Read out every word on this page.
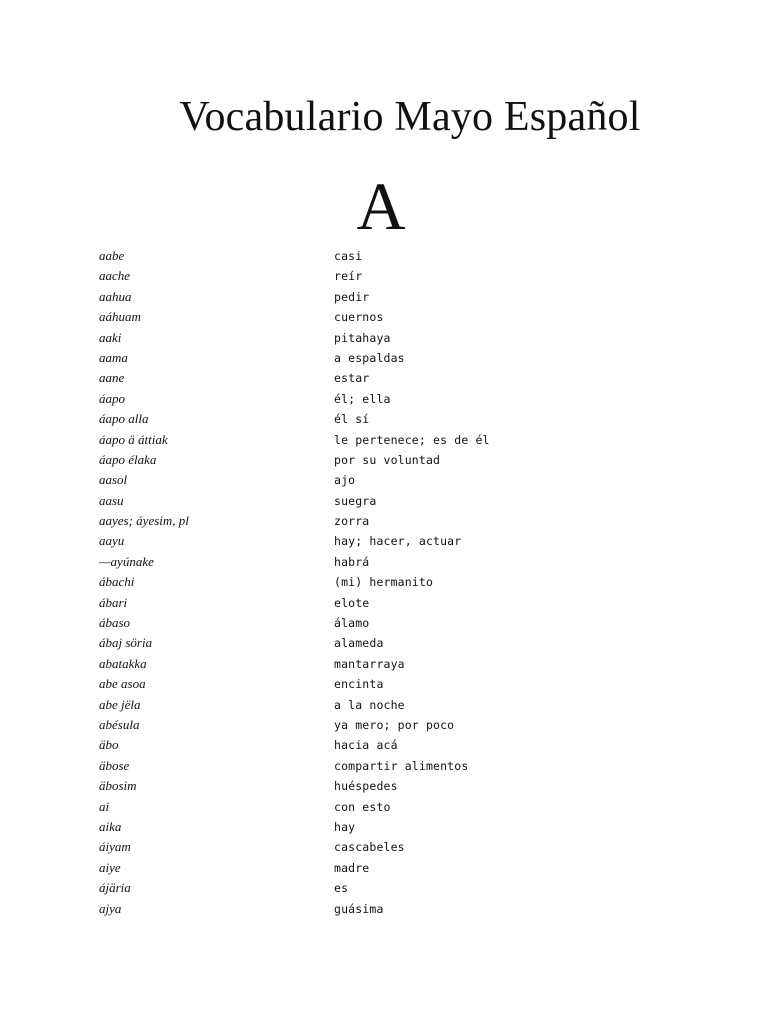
Vocabulario Mayo Español
A
aabe	casi
aache	reír
aahua	pedir
aáhuam	cuernos
aaki	pitahaya
aama	a espaldas
aane	estar
áapo	él; ella
áapo alla	él sí
áapo ä áttiak	le pertenece; es de él
áapo élaka	por su voluntad
aasol	ajo
aasu	suegra
aayes; áyesim, pl	zorra
aayu	hay; hacer, actuar
—ayúnake	habrá
ábachi	(mi) hermanito
ábari	elote
ábaso	álamo
ábaj söria	alameda
abatakka	mantarraya
abe asoa	encinta
abe jëla	a la noche
abésula	ya mero; por poco
äbo	hacia acá
äbose	compartir alimentos
äbosim	huéspedes
ai	con esto
aika	hay
áiyam	cascabeles
aiye	madre
ájäria	es
ajya	guásima
